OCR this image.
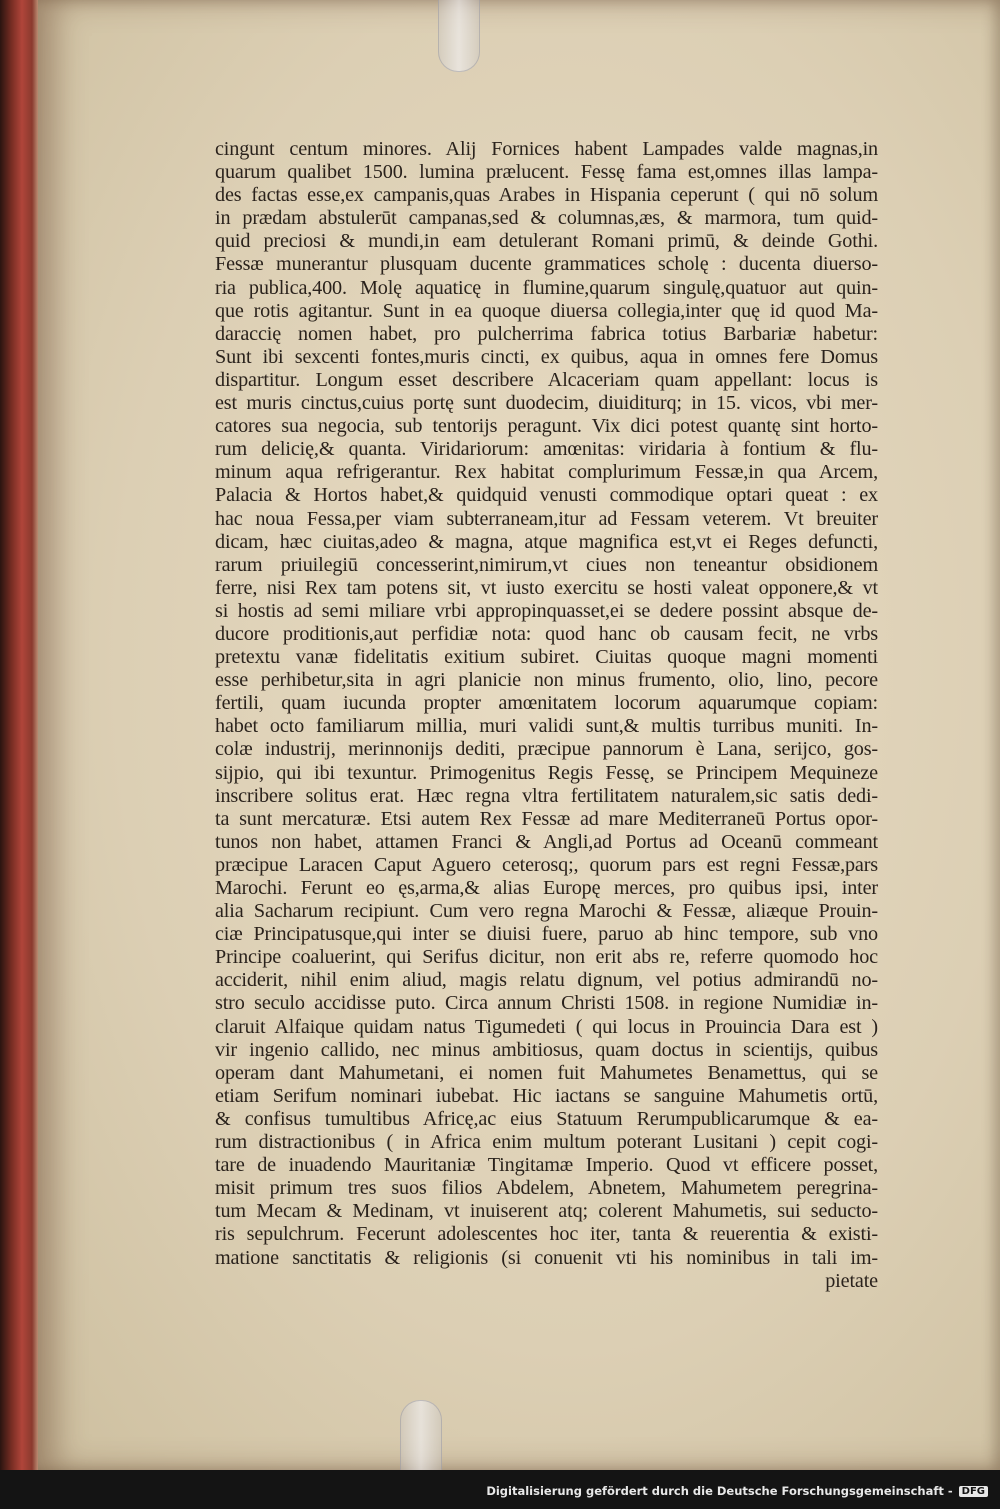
cingunt centum minores. Alij Fornices habent Lampades valde magnas,in
quarum qualibet 1500. lumina prælucent. Fessę fama est,omnes illas lampa-
des factas esse,ex campanis,quas Arabes in Hispania ceperunt ( qui nō solum
in prædam abstulerūt campanas,sed & columnas,æs, & marmora, tum quid-
quid preciosi & mundi,in eam detulerant Romani primū, & deinde Gothi.
Fessæ munerantur plusquam ducente grammatices scholę : ducenta diuerso-
ria publica,400. Molę aquaticę in flumine,quarum singulę,quatuor aut quin-
que rotis agitantur. Sunt in ea quoque diuersa collegia,inter quę id quod Ma-
daraccię nomen habet, pro pulcherrima fabrica totius Barbariæ habetur:
Sunt ibi sexcenti fontes,muris cincti, ex quibus, aqua in omnes fere Domus
dispartitur. Longum esset describere Alcaceriam quam appellant: locus is
est muris cinctus,cuius portę sunt duodecim, diuiditurq; in 15. vicos, vbi mer-
catores sua negocia, sub tentorijs peragunt. Vix dici potest quantę sint horto-
rum delicię,& quanta. Viridariorum: amœnitas: viridaria à fontium & flu-
minum aqua refrigerantur. Rex habitat complurimum Fessæ,in qua Arcem,
Palacia & Hortos habet,& quidquid venusti commodique optari queat : ex
hac noua Fessa,per viam subterraneam,itur ad Fessam veterem. Vt breuiter
dicam, hæc ciuitas,adeo & magna, atque magnifica est,vt ei Reges defuncti,
rarum priuilegiū concesserint,nimirum,vt ciues non teneantur obsidionem
ferre, nisi Rex tam potens sit, vt iusto exercitu se hosti valeat opponere,& vt
si hostis ad semi miliare vrbi appropinquasset,ei se dedere possint absque de-
ducore proditionis,aut perfidiæ nota: quod hanc ob causam fecit, ne vrbs
pretextu vanæ fidelitatis exitium subiret. Ciuitas quoque magni momenti
esse perhibetur,sita in agri planicie non minus frumento, olio, lino, pecore
fertili, quam iucunda propter amœnitatem locorum aquarumque copiam:
habet octo familiarum millia, muri validi sunt,& multis turribus muniti. In-
colæ industrij, merinnonijs dediti, præcipue pannorum è Lana, serijco, gos-
sijpio, qui ibi texuntur. Primogenitus Regis Fessę, se Principem Mequineze
inscribere solitus erat. Hæc regna vltra fertilitatem naturalem,sic satis dedi-
ta sunt mercaturæ. Etsi autem Rex Fessæ ad mare Mediterraneū Portus opor-
tunos non habet, attamen Franci & Angli,ad Portus ad Oceanū commeant
præcipue Laracen Caput Aguero ceterosq;, quorum pars est regni Fessæ,pars
Marochi. Ferunt eo ęs,arma,& alias Europę merces, pro quibus ipsi, inter
alia Sacharum recipiunt. Cum vero regna Marochi & Fessæ, aliæque Prouin-
ciæ Principatusque,qui inter se diuisi fuere, paruo ab hinc tempore, sub vno
Principe coaluerint, qui Serifus dicitur, non erit abs re, referre quomodo hoc
acciderit, nihil enim aliud, magis relatu dignum, vel potius admirandū no-
stro seculo accidisse puto. Circa annum Christi 1508. in regione Numidiæ in-
claruit Alfaique quidam natus Tigumedeti ( qui locus in Prouincia Dara est )
vir ingenio callido, nec minus ambitiosus, quam doctus in scientijs, quibus
operam dant Mahumetani, ei nomen fuit Mahumetes Benamettus, qui se
etiam Serifum nominari iubebat. Hic iactans se sanguine Mahumetis ortū,
& confisus tumultibus Africę,ac eius Statuum Rerumpublicarumque & ea-
rum distractionibus ( in Africa enim multum poterant Lusitani ) cepit cogi-
tare de inuadendo Mauritaniæ Tingitamæ Imperio. Quod vt efficere posset,
misit primum tres suos filios Abdelem, Abnetem, Mahumetem peregrina-
tum Mecam & Medinam, vt inuiserent atq; colerent Mahumetis, sui seducto-
ris sepulchrum. Fecerunt adolescentes hoc iter, tanta & reuerentia & existi-
matione sanctitatis & religionis (si conuenit vti his nominibus in tali im-
pietate
Digitalisierung gefördert durch die Deutsche Forschungsgemeinschaft - DFG
